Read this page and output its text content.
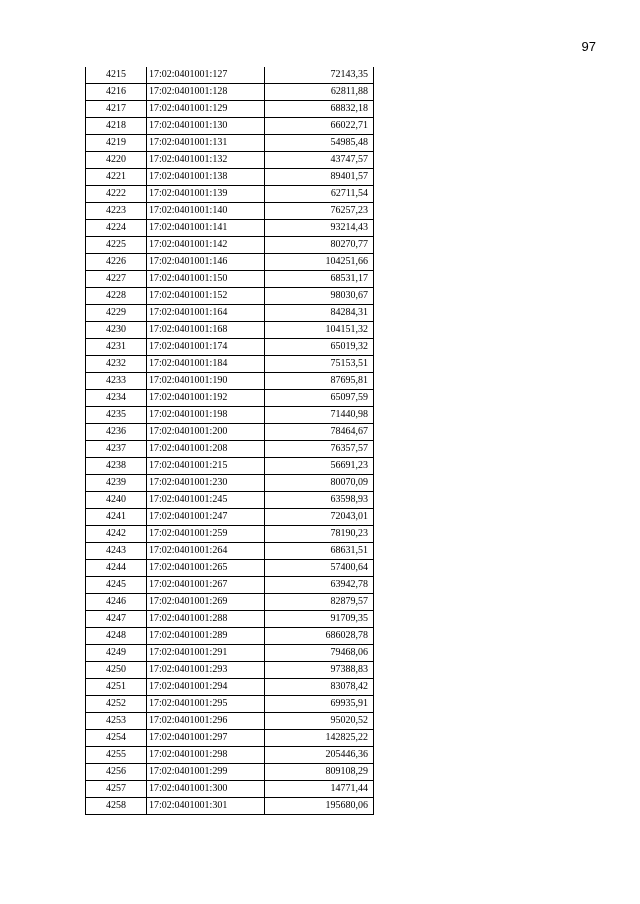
97
4215	17:02:0401001:127	72143,35
4216	17:02:0401001:128	62811,88
4217	17:02:0401001:129	68832,18
4218	17:02:0401001:130	66022,71
4219	17:02:0401001:131	54985,48
4220	17:02:0401001:132	43747,57
4221	17:02:0401001:138	89401,57
4222	17:02:0401001:139	62711,54
4223	17:02:0401001:140	76257,23
4224	17:02:0401001:141	93214,43
4225	17:02:0401001:142	80270,77
4226	17:02:0401001:146	104251,66
4227	17:02:0401001:150	68531,17
4228	17:02:0401001:152	98030,67
4229	17:02:0401001:164	84284,31
4230	17:02:0401001:168	104151,32
4231	17:02:0401001:174	65019,32
4232	17:02:0401001:184	75153,51
4233	17:02:0401001:190	87695,81
4234	17:02:0401001:192	65097,59
4235	17:02:0401001:198	71440,98
4236	17:02:0401001:200	78464,67
4237	17:02:0401001:208	76357,57
4238	17:02:0401001:215	56691,23
4239	17:02:0401001:230	80070,09
4240	17:02:0401001:245	63598,93
4241	17:02:0401001:247	72043,01
4242	17:02:0401001:259	78190,23
4243	17:02:0401001:264	68631,51
4244	17:02:0401001:265	57400,64
4245	17:02:0401001:267	63942,78
4246	17:02:0401001:269	82879,57
4247	17:02:0401001:288	91709,35
4248	17:02:0401001:289	686028,78
4249	17:02:0401001:291	79468,06
4250	17:02:0401001:293	97388,83
4251	17:02:0401001:294	83078,42
4252	17:02:0401001:295	69935,91
4253	17:02:0401001:296	95020,52
4254	17:02:0401001:297	142825,22
4255	17:02:0401001:298	205446,36
4256	17:02:0401001:299	809108,29
4257	17:02:0401001:300	14771,44
4258	17:02:0401001:301	195680,06
